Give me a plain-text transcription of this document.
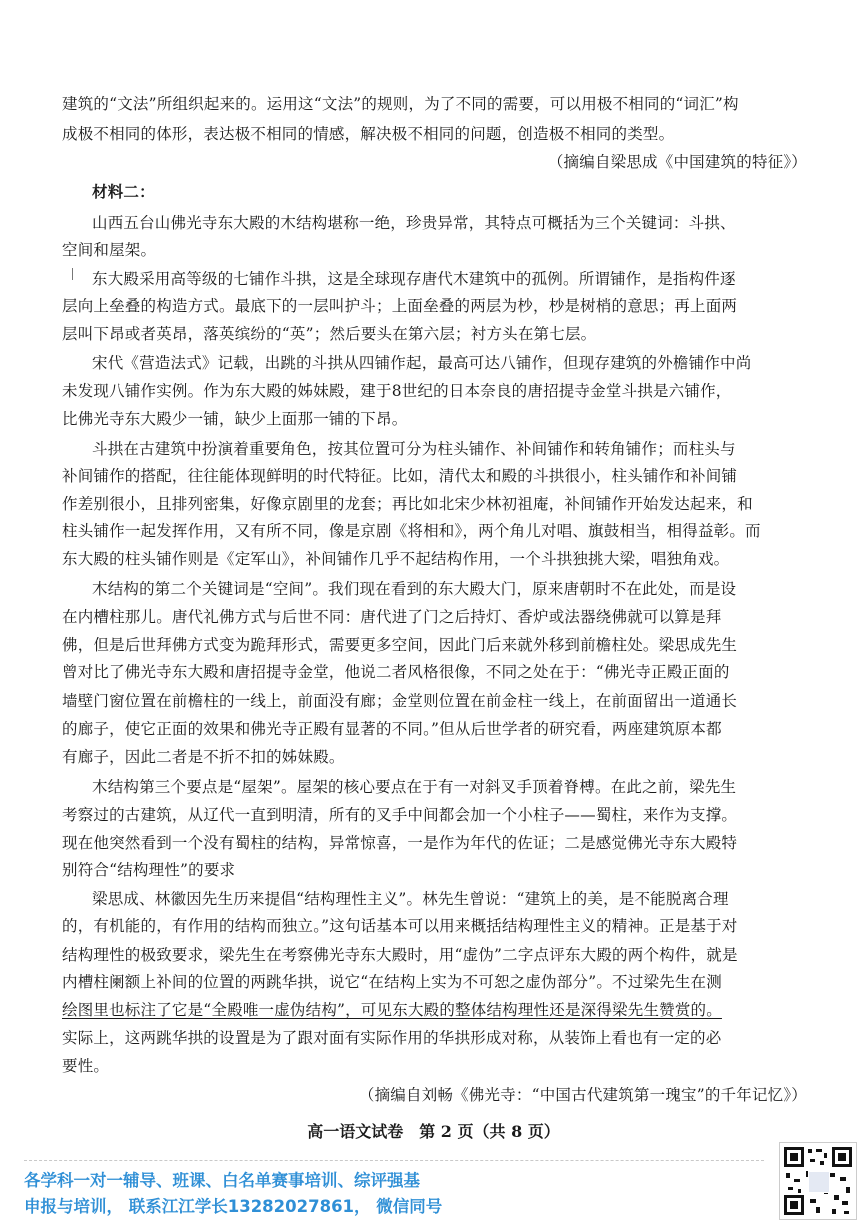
建筑的“文法”所组织起来的。运用这“文法”的规则，为了不同的需要，可以用极不相同的“词汇”构
成极不相同的体形，表达极不相同的情感，解决极不相同的问题，创造极不相同的类型。
（摘编自梁思成《中国建筑的特征》）
材料二：
山西五台山佛光寺东大殿的木结构堪称一绝，珍贵异常，其特点可概括为三个关键词：斗拱、
空间和屋架。
东大殿采用高等级的七铺作斗拱，这是全球现存唐代木建筑中的孤例。所谓铺作，是指构件逐
层向上垒叠的构造方式。最底下的一层叫护斗；上面垒叠的两层为杪，杪是树梢的意思；再上面两
层叫下昂或者英昂，落英缤纷的“英”；然后要头在第六层；衬方头在第七层。
宋代《营造法式》记载，出跳的斗拱从四铺作起，最高可达八铺作，但现存建筑的外檐铺作中尚
未发现八铺作实例。作为东大殿的姊妹殿，建于8世纪的日本奈良的唐招提寺金堂斗拱是六铺作，
比佛光寺东大殿少一铺，缺少上面那一铺的下昂。
斗拱在古建筑中扮演着重要角色，按其位置可分为柱头铺作、补间铺作和转角铺作；而柱头与
补间铺作的搭配，往往能体现鲜明的时代特征。比如，清代太和殿的斗拱很小，柱头铺作和补间铺
作差别很小，且排列密集，好像京剧里的龙套；再比如北宋少林初祖庵，补间铺作开始发达起来，和
柱头铺作一起发挥作用，又有所不同，像是京剧《将相和》，两个角儿对唱、旗鼓相当，相得益彰。而
东大殿的柱头铺作则是《定军山》，补间铺作几乎不起结构作用，一个斗拱独挑大梁，唱独角戏。
木结构的第二个关键词是“空间”。我们现在看到的东大殿大门，原来唐朝时不在此处，而是设
在内槽柱那儿。唐代礼佛方式与后世不同：唐代进了门之后持灯、香炉或法器绕佛就可以算是拜
佛，但是后世拜佛方式变为跪拜形式，需要更多空间，因此门后来就外移到前檐柱处。梁思成先生
曾对比了佛光寺东大殿和唐招提寺金堂，他说二者风格很像，不同之处在于：“佛光寺正殿正面的
墙壁门窗位置在前檐柱的一线上，前面没有廊；金堂则位置在前金柱一线上，在前面留出一道通长
的廊子，使它正面的效果和佛光寺正殿有显著的不同。”但从后世学者的研究看，两座建筑原本都
有廊子，因此二者是不折不扣的姊妹殿。
木结构第三个要点是“屋架”。屋架的核心要点在于有一对斜叉手顶着脊榑。在此之前，梁先生
考察过的古建筑，从辽代一直到明清，所有的叉手中间都会加一个小柱子——蜀柱，来作为支撑。
现在他突然看到一个没有蜀柱的结构，异常惊喜，一是作为年代的佐证；二是感觉佛光寺东大殿特
别符合“结构理性”的要求
梁思成、林徽因先生历来提倡“结构理性主义”。林先生曾说：“建筑上的美，是不能脱离合理
的，有机能的，有作用的结构而独立。”这句话基本可以用来概括结构理性主义的精神。正是基于对
结构理性的极致要求，梁先生在考察佛光寺东大殿时，用“虚伪”二字点评东大殿的两个构件，就是
内槽柱阑额上补间的位置的两跳华拱，说它“在结构上实为不可恕之虚伪部分”。不过梁先生在测
绘图里也标注了它是“全殿唯一虚伪结构”，可见东大殿的整体结构理性还是深得梁先生赞赏的。
实际上，这两跳华拱的设置是为了跟对面有实际作用的华拱形成对称，从装饰上看也有一定的必
要性。
（摘编自刘畅《佛光寺：“中国古代建筑第一瑰宝”的千年记忆》）
高一语文试卷　第 2 页（共 8 页）
各学科一对一辅导、班课、白名单赛事培训、综评强基
申报与培训， 联系江江学长13282027861， 微信同号
